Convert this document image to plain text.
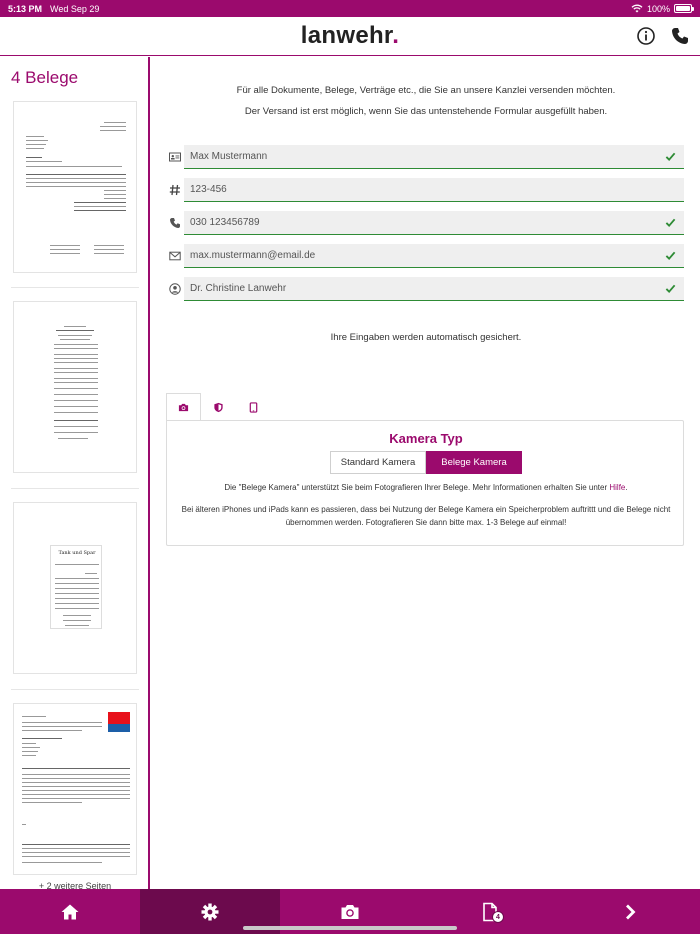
5:13 PM Wed Sep 29	100%
lanwehr.
4 Belege
Tank und Spar
+ 2 weitere Seiten
Für alle Dokumente, Belege, Verträge etc., die Sie an unsere Kanzlei versenden möchten.
Der Versand ist erst möglich, wenn Sie das untenstehende Formular ausgefüllt haben.
Max Mustermann
123-456
030 123456789
max.mustermann@email.de
Dr. Christine Lanwehr
Ihre Eingaben werden automatisch gesichert.
Kamera Typ
Standard Kamera	Belege Kamera
Die "Belege Kamera" unterstützt Sie beim Fotografieren Ihrer Belege. Mehr Informationen erhalten Sie unter Hilfe.
Bei älteren iPhones und iPads kann es passieren, dass bei Nutzung der Belege Kamera ein Speicherproblem auftrittt und die Belege nicht
übernommen werden. Fotografieren Sie dann bitte max. 1-3 Belege auf einmal!
4
